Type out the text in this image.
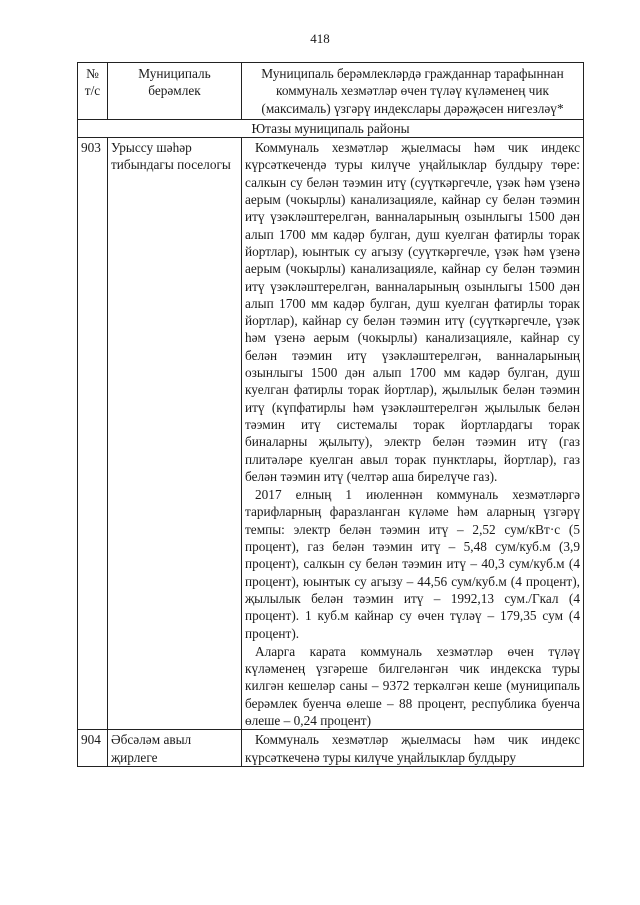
418
№ т/с	Муниципаль берәмлек	Муниципаль берәмлекләрдә гражданнар тарафыннан коммуналь хезмәтләр өчен түләү күләменең чик (максималь) үзгәрү индекслары дәрәҗәсен нигезләү*
Ютазы муниципаль районы		
903	Урыссу шәһәр тибындагы поселогы	Коммуналь хезмәтләр җыелмасы һәм чик индекс күрсәткечендә туры килүче уңайлыклар булдыру төре: салкын су белән тәэмин итү (суүткәргечле, үзәк һәм үзенә аерым (чокырлы) канализацияле, кайнар су белән тәэмин итү үзәкләштерелгән, ванналарының озынлыгы 1500 дән алып 1700 мм кадәр булган, душ куелган фатирлы торак йортлар), юынтык су агызу (суүткәргечле, үзәк һәм үзенә аерым (чокырлы) канализацияле, кайнар су белән тәэмин итү үзәкләштерелгән, ванналарының озынлыгы 1500 дән алып 1700 мм кадәр булган, душ куелган фатирлы торак йортлар), кайнар су белән тәэмин итү (суүткәргечле, үзәк һәм үзенә аерым (чокырлы) канализацияле, кайнар су белән тәэмин итү үзәкләштерелгән, ванналарының озынлыгы 1500 дән алып 1700 мм кадәр булган, душ куелган фатирлы торак йортлар), җылылык белән тәэмин итү (күпфатирлы һәм үзәкләштерелгән җылылык белән тәэмин итү системалы торак йортлардагы торак биналарны җылыту), электр белән тәэмин итү (газ плитәләре куелган авыл торак пунктлары, йортлар), газ белән тәэмин итү (челтәр аша бирелүче газ).

2017 елның 1 июленнән коммуналь хезмәтләргә тарифларның фаразланган күләме һәм аларның үзгәрү темпы: электр белән тәэмин итү – 2,52 сум/кВт·с (5 процент), газ белән тәэмин итү – 5,48 сум/куб.м (3,9 процент), салкын су белән тәэмин итү – 40,3 сум/куб.м (4 процент), юынтык су агызу – 44,56 сум/куб.м (4 процент), җылылык белән тәэмин итү – 1992,13 сум./Гкал (4 процент). 1 куб.м кайнар су өчен түләү – 179,35 сум (4 процент).

Аларга карата коммуналь хезмәтләр өчен түләү күләменең үзгәреше билгеләнгән чик индекска туры килгән кешеләр саны – 9372 теркәлгән кеше (муниципаль берәмлек буенча өлеше – 88 процент, республика буенча өлеше – 0,24 процент)

904	Әбсәләм авыл җирлеге	Коммуналь хезмәтләр җыелмасы һәм чик индекс күрсәткеченә туры килүче уңайлыклар булдыру
